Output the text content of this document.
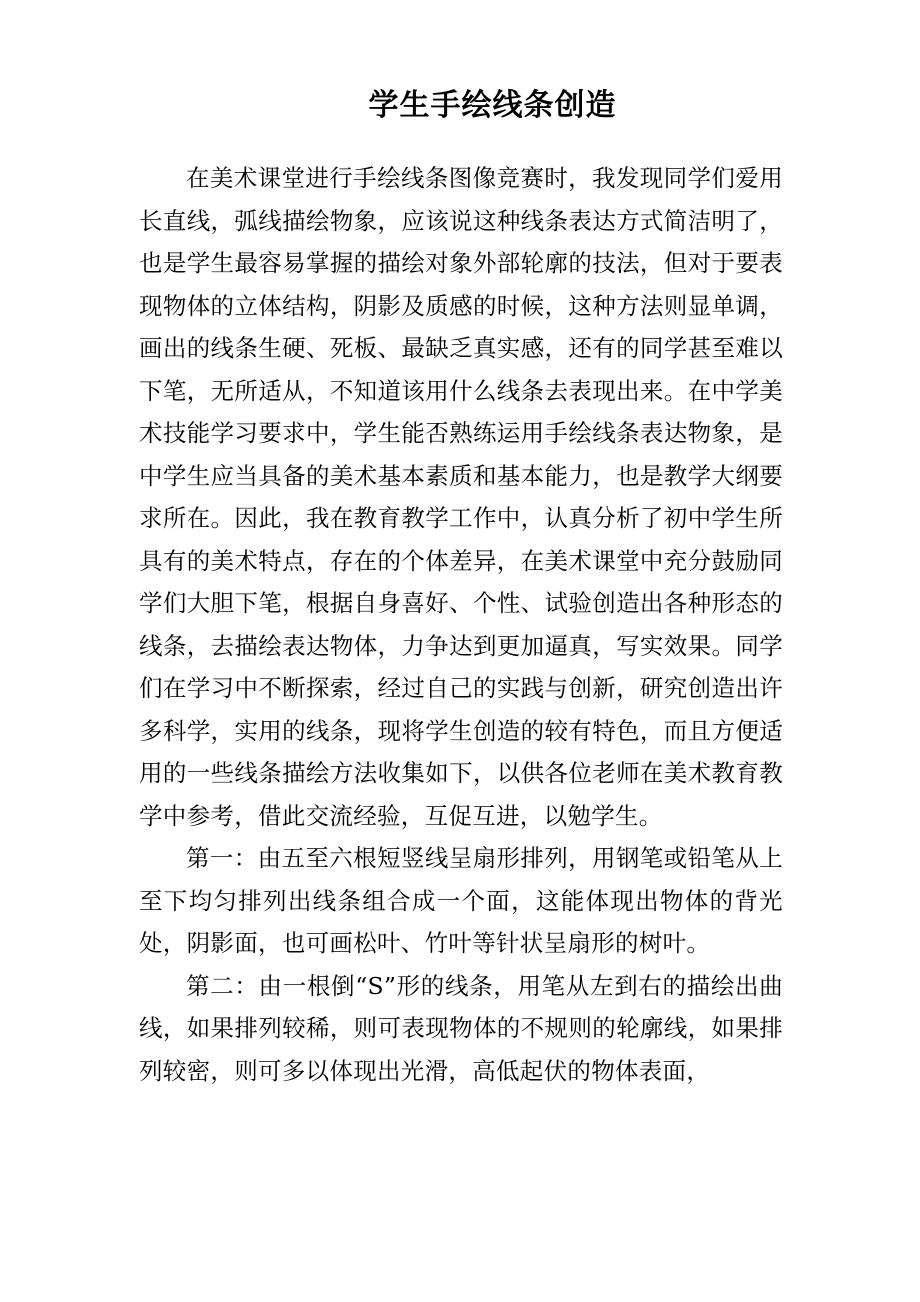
学生手绘线条创造

在美术课堂进行手绘线条图像竞赛时，我发现同学们爱用长直线，弧线描绘物象，应该说这种线条表达方式简洁明了，也是学生最容易掌握的描绘对象外部轮廓的技法，但对于要表现物体的立体结构，阴影及质感的时候，这种方法则显单调，画出的线条生硬、死板、最缺乏真实感，还有的同学甚至难以下笔，无所适从，不知道该用什么线条去表现出来。在中学美术技能学习要求中，学生能否熟练运用手绘线条表达物象，是中学生应当具备的美术基本素质和基本能力，也是教学大纲要求所在。因此，我在教育教学工作中，认真分析了初中学生所具有的美术特点，存在的个体差异，在美术课堂中充分鼓励同学们大胆下笔，根据自身喜好、个性、试验创造出各种形态的线条，去描绘表达物体，力争达到更加逼真，写实效果。同学们在学习中不断探索，经过自己的实践与创新，研究创造出许多科学，实用的线条，现将学生创造的较有特色，而且方便适用的一些线条描绘方法收集如下，以供各位老师在美术教育教学中参考，借此交流经验，互促互进，以勉学生。

第一：由五至六根短竖线呈扇形排列，用钢笔或铅笔从上至下均匀排列出线条组合成一个面，这能体现出物体的背光处，阴影面，也可画松叶、竹叶等针状呈扇形的树叶。

第二：由一根倒“S”形的线条，用笔从左到右的描绘出曲线，如果排列较稀，则可表现物体的不规则的轮廓线，如果排列较密，则可多以体现出光滑，高低起伏的物体表面，
